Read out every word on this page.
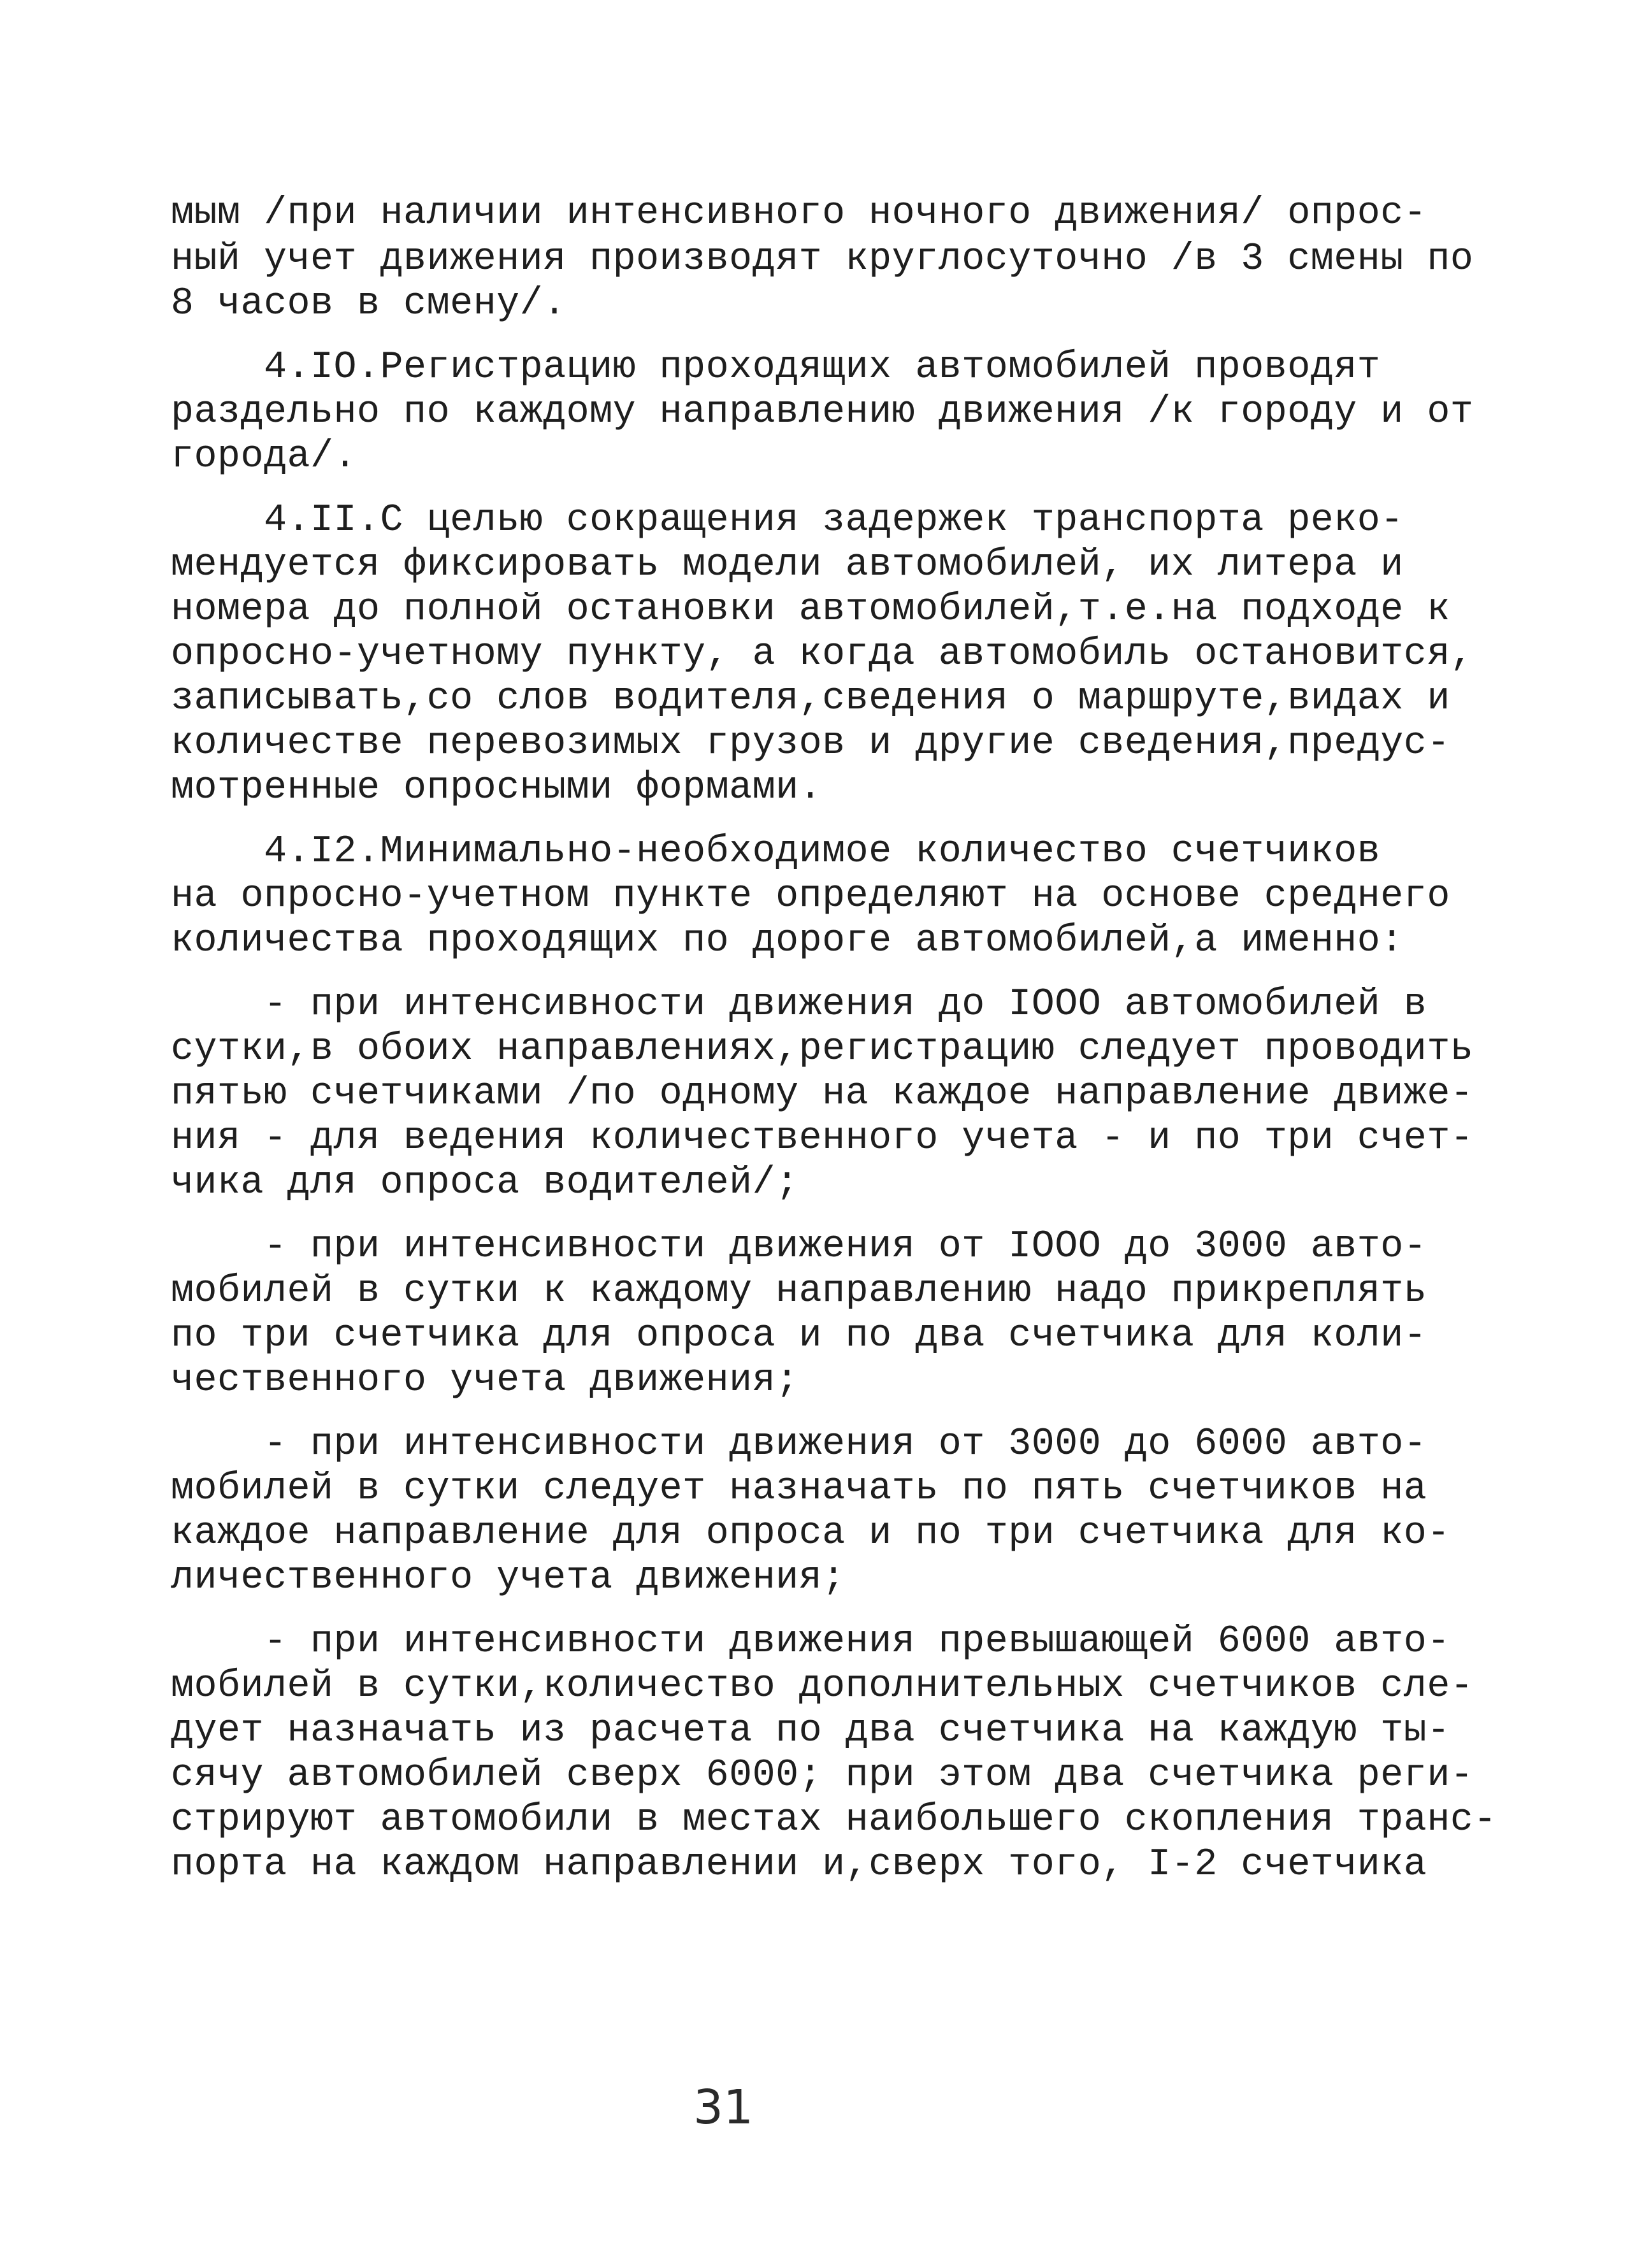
мым /при наличии интенсивного ночного движения/ опрос-
ный учет движения производят круглосуточно /в 3 смены по
8 часов в смену/.
4.IO.Регистрацию проходящих автомобилей проводят
раздельно по каждому направлению движения /к городу и от
города/.
4.II.С целью сокращения задержек транспорта реко-
мендуется фиксировать модели автомобилей, их литера и
номера до полной остановки автомобилей,т.е.на подходе к
опросно-учетному пункту, а когда автомобиль остановится,
записывать,со слов водителя,сведения о маршруте,видах и
количестве перевозимых грузов и другие сведения,предус-
мотренные опросными формами.
4.I2.Минимально-необходимое количество счетчиков
на опросно-учетном пункте определяют на основе среднего
количества проходящих по дороге автомобилей,а именно:
- при интенсивности движения до IOOO автомобилей в
сутки,в обоих направлениях,регистрацию следует проводить
пятью счетчиками /по одному на каждое направление движе-
ния - для ведения количественного учета - и по три счет-
чика для опроса водителей/;
- при интенсивности движения от IOOO до 3000 авто-
мобилей в сутки к каждому направлению надо прикреплять
по три счетчика для опроса и по два счетчика для коли-
чественного учета движения;
- при интенсивности движения от 3000 до 6000 авто-
мобилей в сутки следует назначать по пять счетчиков на
каждое направление для опроса и по три счетчика для ко-
личественного учета движения;
- при интенсивности движения превышающей 6000 авто-
мобилей в сутки,количество дополнительных счетчиков сле-
дует назначать из расчета по два счетчика на каждую ты-
сячу автомобилей сверх 6000; при этом два счетчика реги-
стрируют автомобили в местах наибольшего скопления транс-
порта на каждом направлении и,сверх того, I-2 счетчика
31
